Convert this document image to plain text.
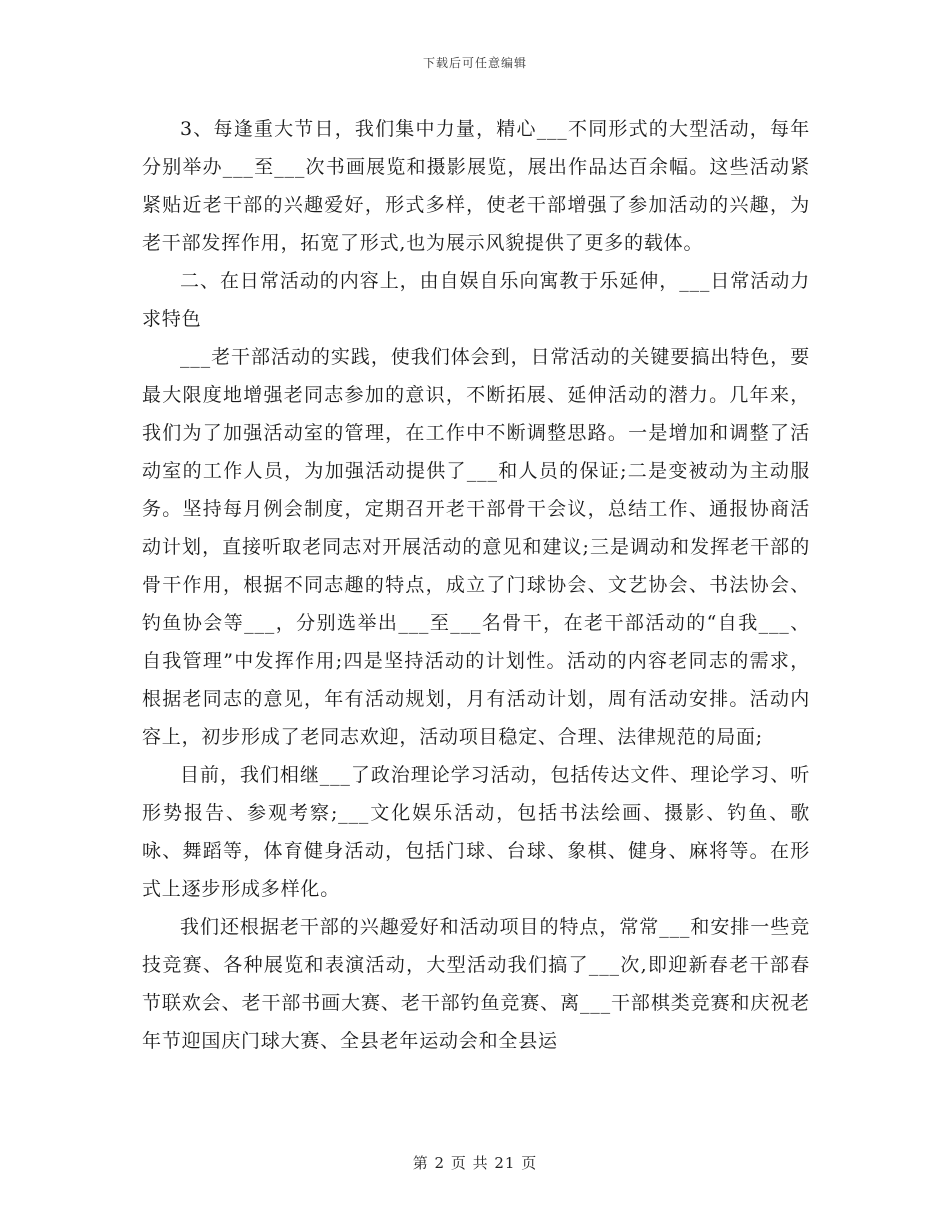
下载后可任意编辑

3、每逢重大节日，我们集中力量，精心___不同形式的大型活动，每年分别举办___至___次书画展览和摄影展览，展出作品达百余幅。这些活动紧紧贴近老干部的兴趣爱好，形式多样，使老干部增强了参加活动的兴趣，为老干部发挥作用，拓宽了形式,也为展示风貌提供了更多的载体。

二、在日常活动的内容上，由自娱自乐向寓教于乐延伸，___日常活动力求特色

___老干部活动的实践，使我们体会到，日常活动的关键要搞出特色，要最大限度地增强老同志参加的意识，不断拓展、延伸活动的潜力。几年来，我们为了加强活动室的管理，在工作中不断调整思路。一是增加和调整了活动室的工作人员，为加强活动提供了___和人员的保证;二是变被动为主动服务。坚持每月例会制度，定期召开老干部骨干会议，总结工作、通报协商活动计划，直接听取老同志对开展活动的意见和建议;三是调动和发挥老干部的骨干作用，根据不同志趣的特点，成立了门球协会、文艺协会、书法协会、钓鱼协会等___，分别选举出___至___名骨干，在老干部活动的“自我___、自我管理”中发挥作用;四是坚持活动的计划性。活动的内容老同志的需求，根据老同志的意见，年有活动规划，月有活动计划，周有活动安排。活动内容上，初步形成了老同志欢迎，活动项目稳定、合理、法律规范的局面;

目前，我们相继___了政治理论学习活动，包括传达文件、理论学习、听形势报告、参观考察;___文化娱乐活动，包括书法绘画、摄影、钓鱼、歌咏、舞蹈等，体育健身活动，包括门球、台球、象棋、健身、麻将等。在形式上逐步形成多样化。

我们还根据老干部的兴趣爱好和活动项目的特点，常常___和安排一些竞技竞赛、各种展览和表演活动，大型活动我们搞了___次,即迎新春老干部春节联欢会、老干部书画大赛、老干部钓鱼竞赛、离___干部棋类竞赛和庆祝老年节迎国庆门球大赛、全县老年运动会和全县运

第 2 页 共 21 页
